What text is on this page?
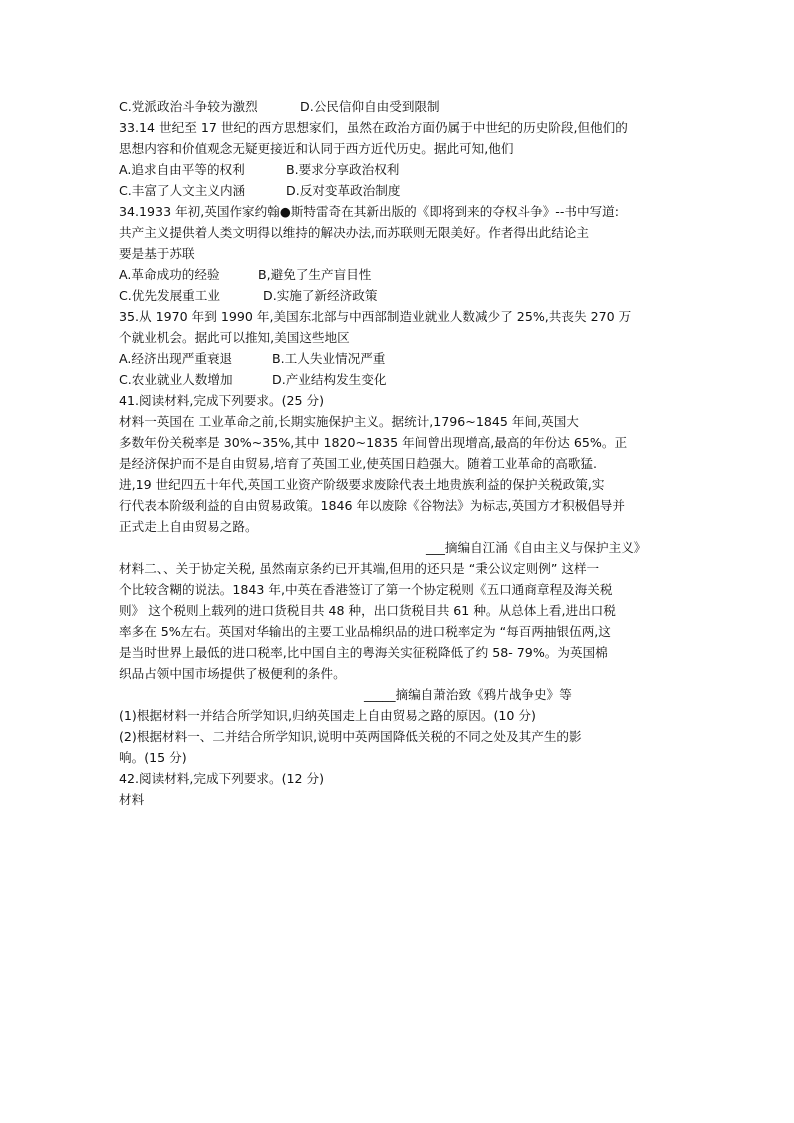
C.党派政治斗争较为激烈	D.公民信仰自由受到限制
33.14 世纪至 17 世纪的西方思想家们，虽然在政治方面仍属于中世纪的历史阶段,但他们的
思想内容和价值观念无疑更接近和认同于西方近代历史。据此可知,他们
A.追求自由平等的权利	B.要求分享政治权利
C.丰富了人文主义内涵	D.反对变革政治制度
34.1933 年初,英国作家约翰●斯特雷奇在其新出版的《即将到来的夺权斗争》--书中写道:
共产主义提供着人类文明得以维持的解决办法,而苏联则无限美好。作者得出此结论主
要是基于苏联
A.革命成功的经验	B,避免了生产盲目性
C.优先发展重工业	D.实施了新经济政策
35.从 1970 年到 1990 年,美国东北部与中西部制造业就业人数减少了 25%,共丧失 270 万
个就业机会。据此可以推知,美国这些地区
A.经济出现严重衰退	B.工人失业情况严重
C.农业就业人数增加	D.产业结构发生变化
41.阅读材料,完成下列要求。(25 分)
材料一英国在 工业革命之前,长期实施保护主义。据统计,1796~1845 年间,英国大
多数年份关税率是 30%~35%,其中 1820~1835 年间曾出现增高,最高的年份达 65%。正
是经济保护而不是自由贸易,培育了英国工业,使英国日趋强大。随着工业革命的高歌猛.
进,19 世纪四五十年代,英国工业资产阶级要求废除代表土地贵族利益的保护关税政策,实
行代表本阶级利益的自由贸易政策。1846 年以废除《谷物法》为标志,英国方才积极倡导并
正式走上自由贸易之路。
___摘编自江涌《自由主义与保护主义》
材料二、、关于协定关税, 虽然南京条约已开其端,但用的还只是 “秉公议定则例” 这样一
个比较含糊的说法。1843 年,中英在香港签订了第一个协定税则《五口通商章程及海关税
则》 这个税则上载列的进口货税目共 48 种，出口货税目共 61 种。从总体上看,进出口税
率多在 5%左右。英国对华输出的主要工业品棉织品的进口税率定为 “每百两抽银伍两,这
是当时世界上最低的进口税率,比中国自主的粤海关实征税降低了约 58- 79%。为英国棉
织品占领中国市场提供了极便利的条件。
_____摘编自萧治致《鸦片战争史》等
(1)根据材料一并结合所学知识,归纳英国走上自由贸易之路的原因。(10 分)
(2)根据材料一、二并结合所学知识,说明中英两国降低关税的不同之处及其产生的影
响。(15 分)
42.阅读材料,完成下列要求。(12 分)
材料
